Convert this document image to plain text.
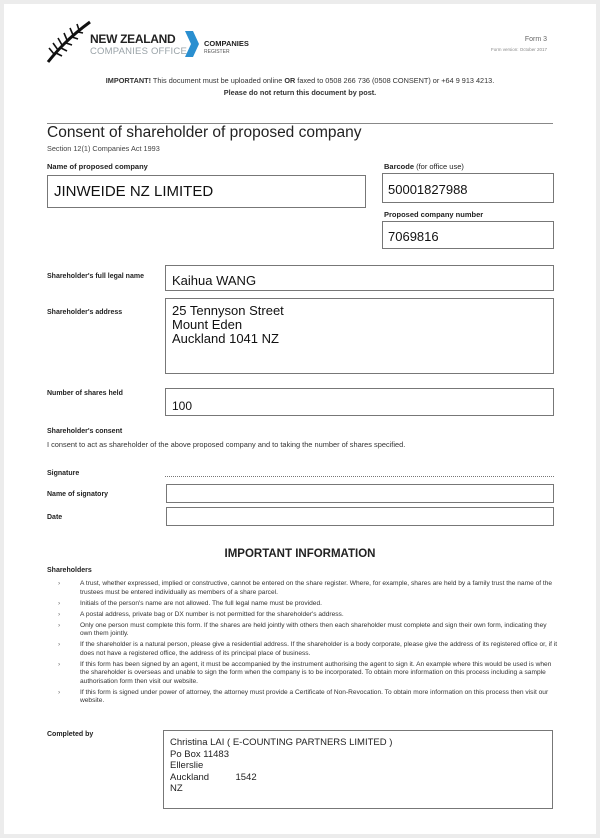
NEW ZEALAND
COMPANIES OFFICE
COMPANIES
REGISTER
Form 3
Form version: October 2017
IMPORTANT! This document must be uploaded online OR faxed to 0508 266 736 (0508 CONSENT) or +64 9 913 4213.
Please do not return this document by post.
Consent of shareholder of proposed company
Section 12(1) Companies Act 1993
Name of proposed company
JINWEIDE NZ LIMITED
Barcode (for office use)
50001827988
Proposed company number
7069816
Shareholder's full legal name	Kaihua WANG
Shareholder's address	25 Tennyson Street
Mount Eden
Auckland 1041 NZ
Number of shares held
100
Shareholder's consent
I consent to act as shareholder of the above proposed company and to taking the number of shares specified.
Signature
Name of signatory
Date
IMPORTANT INFORMATION
Shareholders
›	A trust, whether expressed, implied or constructive, cannot be entered on the share register. Where, for example, shares are held by a family trust the name of the trustees must be entered individually as members of a share parcel.
›	Initials of the person's name are not allowed. The full legal name must be provided.
›	A postal address, private bag or DX number is not permitted for the shareholder's address.
›	Only one person must complete this form. If the shares are held jointly with others then each shareholder must complete and sign their own form, indicating they own them jointly.
›	If the shareholder is a natural person, please give a residential address. If the shareholder is a body corporate, please give the address of its registered office or, if it does not have a registered office, the address of its principal place of business.
›	If this form has been signed by an agent, it must be accompanied by the instrument authorising the agent to sign it. An example where this would be used is when the shareholder is overseas and unable to sign the form when the company is to be incorporated. To obtain more information on this process including a sample authorisation form then visit our website.
›	If this form is signed under power of attorney, the attorney must provide a Certificate of Non-Revocation. To obtain more information on this process then visit our website.
Completed by
Christina LAI ( E-COUNTING PARTNERS LIMITED )
Po Box 11483
Ellerslie
Auckland          1542
NZ
